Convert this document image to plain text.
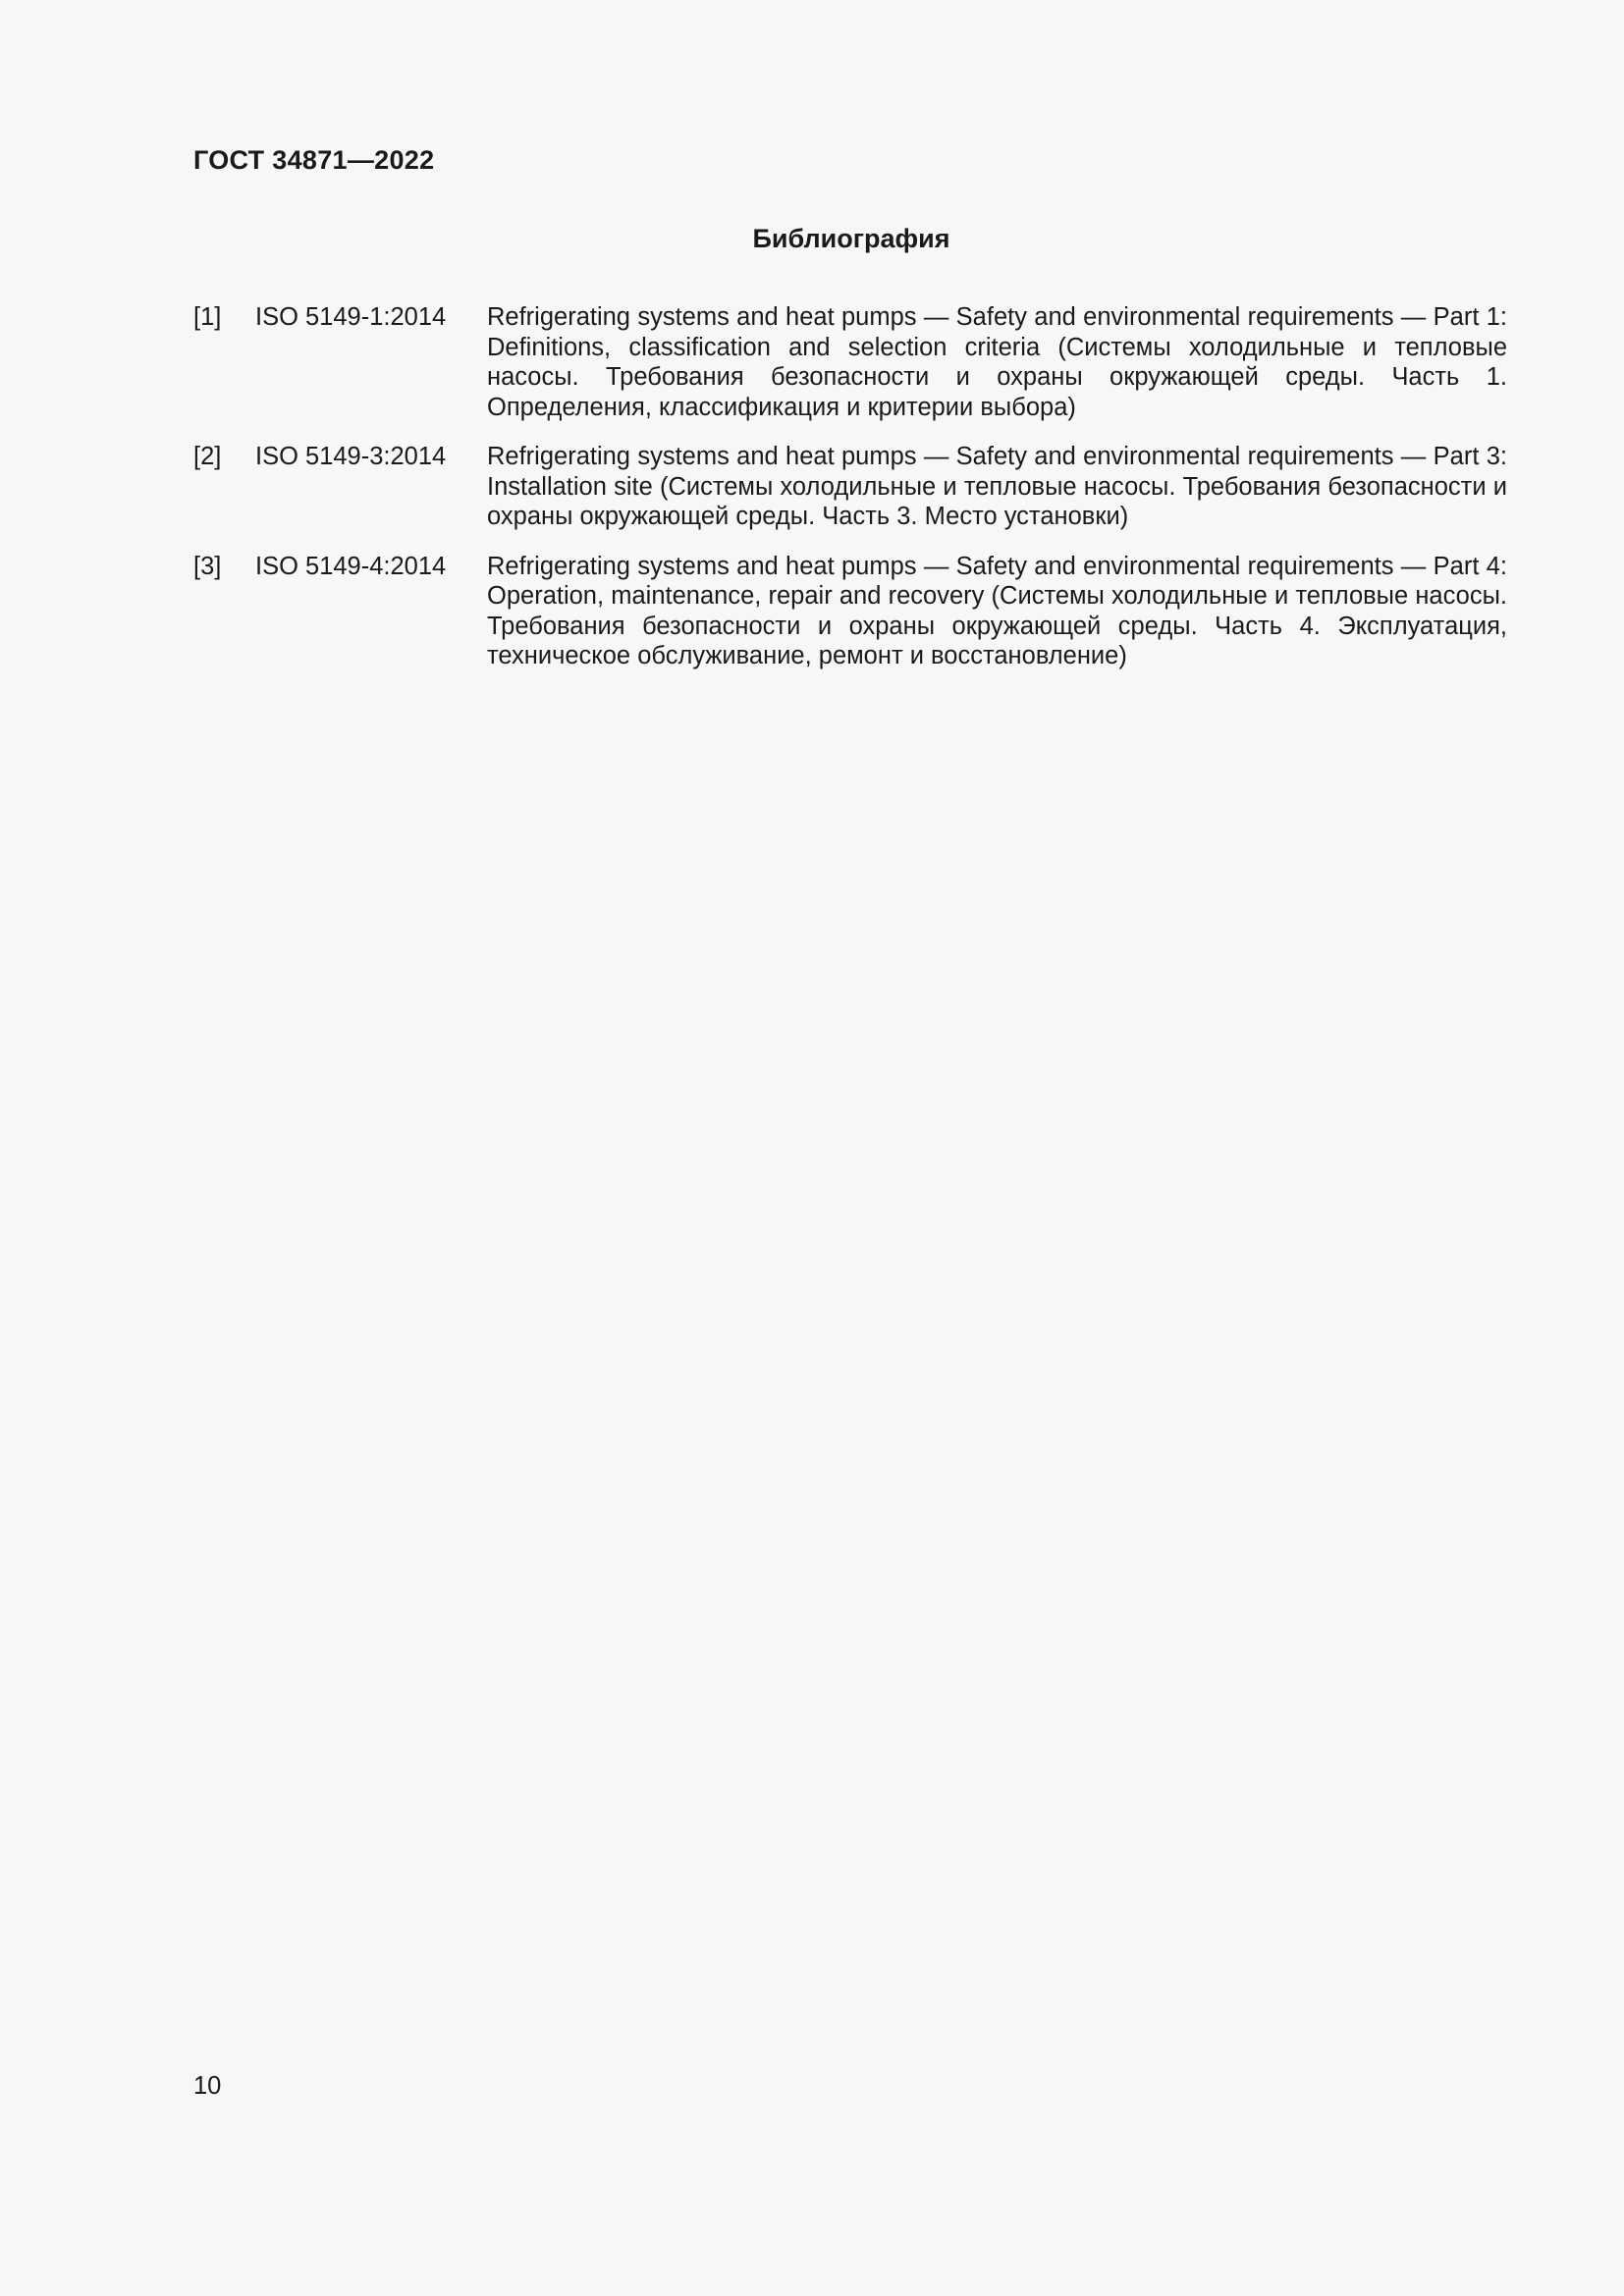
ГОСТ 34871—2022
Библиография
[1]	ISO 5149-1:2014	Refrigerating systems and heat pumps — Safety and environmental requirements — Part 1: Definitions, classification and selection criteria (Системы холодильные и тепловые насосы. Требования безопасности и охраны окружающей среды. Часть 1. Определения, классификация и критерии выбора)
[2]	ISO 5149-3:2014	Refrigerating systems and heat pumps — Safety and environmental requirements — Part 3: Installation site (Системы холодильные и тепловые насосы. Требования безопасности и охраны окружающей среды. Часть 3. Место установки)
[3]	ISO 5149-4:2014	Refrigerating systems and heat pumps — Safety and environmental requirements — Part 4: Operation, maintenance, repair and recovery (Системы холодильные и тепловые насосы. Требования безопасности и охраны окружающей среды. Часть 4. Эксплуатация, техническое обслуживание, ремонт и восстановление)
10
